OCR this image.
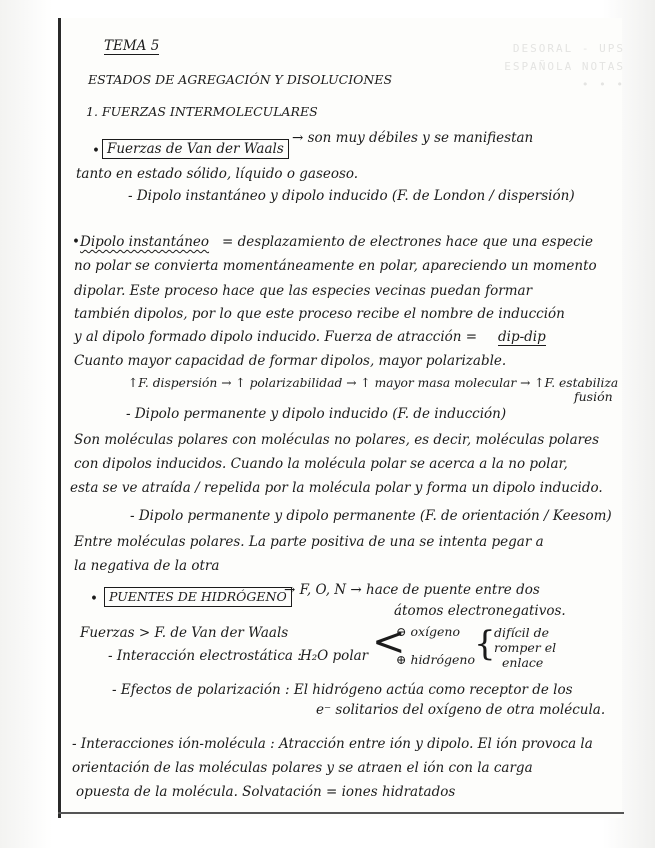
DESORAL - UPS
ESPAÑOLA NOTAS
• • •
TEMA 5
ESTADOS DE AGREGACIÓN Y DISOLUCIONES
1. FUERZAS INTERMOLECULARES
• Fuerzas de Van der Waals
→ son muy débiles y se manifiestan
tanto en estado sólido, líquido o gaseoso.
- Dipolo instantáneo y dipolo inducido (F. de London / dispersión)
• Dipolo instantáneo = desplazamiento de electrones hace que una especie
no polar se convierta momentáneamente en polar, apareciendo un momento
dipolar. Este proceso hace que las especies vecinas puedan formar
también dipolos, por lo que este proceso recibe el nombre de inducción
y al dipolo formado dipolo inducido. Fuerza de atracción = dip-dip
Cuanto mayor capacidad de formar dipolos, mayor polarizable.
↑F. dispersión → ↑ polarizabilidad → ↑ mayor masa molecular → ↑F. estabiliza
fusión
- Dipolo permanente y dipolo inducido (F. de inducción)
Son moléculas polares con moléculas no polares, es decir, moléculas polares
con dipolos inducidos. Cuando la molécula polar se acerca a la no polar,
esta se ve atraída / repelida por la molécula polar y forma un dipolo inducido.
- Dipolo permanente y dipolo permanente (F. de orientación / Keesom)
Entre moléculas polares. La parte positiva de una se intenta pegar a
la negativa de la otra
• PUENTES DE HIDRÓGENO
→ F, O, N → hace de puente entre dos
átomos electronegativos.
Fuerzas > F. de Van der Waals
- Interacción electrostática :
H₂O polar <
⊖ oxígeno
⊕ hidrógeno {
difícil de
romper el
enlace
- Efectos de polarización : El hidrógeno actúa como receptor de los
e⁻ solitarios del oxígeno de otra molécula.
- Interacciones ión-molécula : Atracción entre ión y dipolo. El ión provoca la
orientación de las moléculas polares y se atraen el ión con la carga
opuesta de la molécula. Solvatación = iones hidratados
